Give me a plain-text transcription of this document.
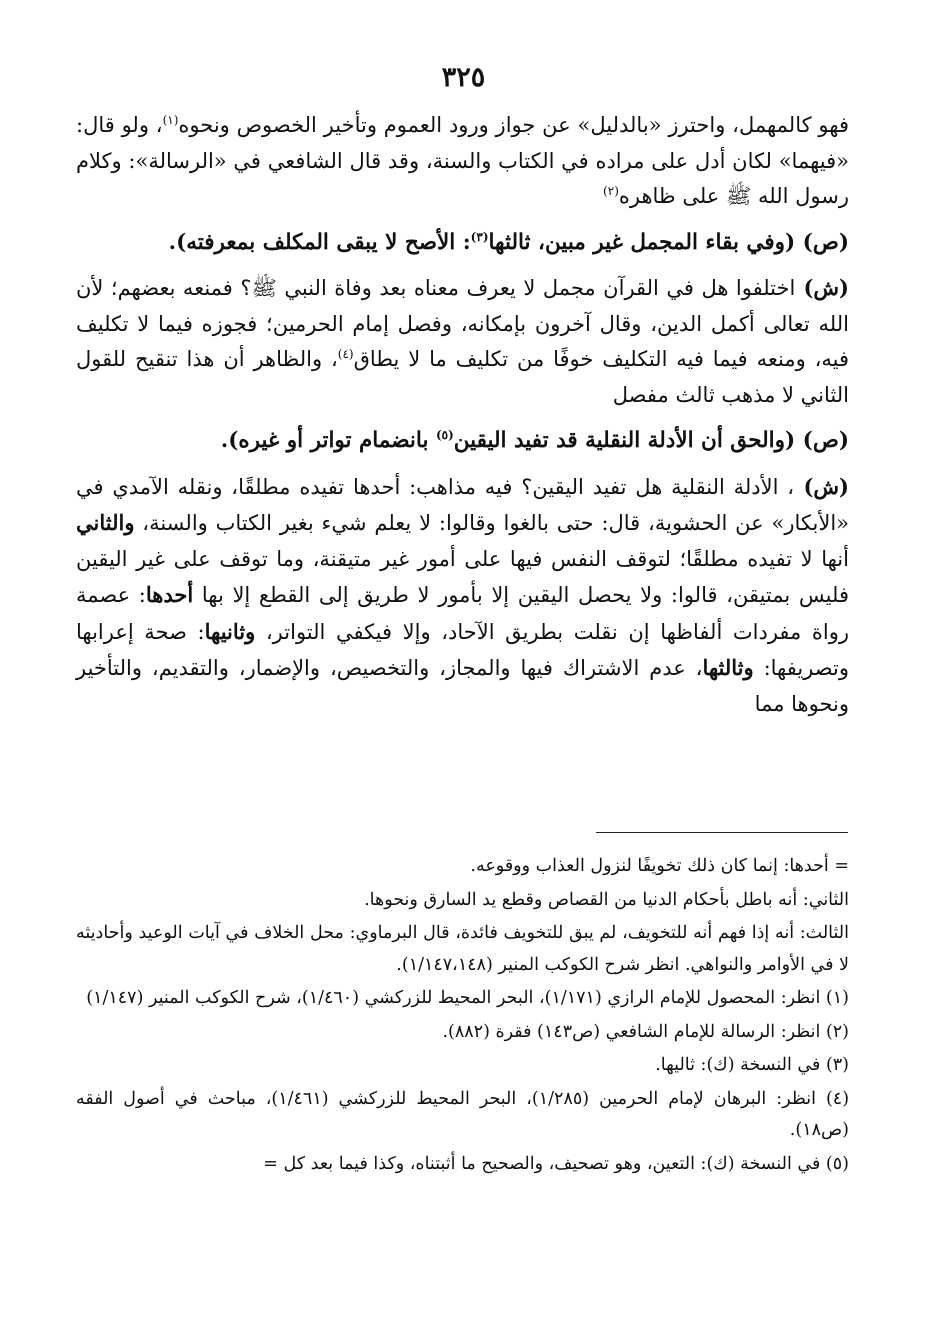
٣٢٥

فهو كالمهمل، واحترز «بالدليل» عن جواز ورود العموم وتأخير الخصوص ونحوه$^{(١)}$، ولو قال: «فيهما» لكان أدل على مراده في الكتاب والسنة، وقد قال الشافعي في «الرسالة»: وكلام رسول الله ﷺ على ظاهره$^{(٢)}$

(ص) (وفي بقاء المجمل غير مبين، ثالثها$^{(٣)}$: الأصح لا يبقى المكلف بمعرفته).

(ش) اختلفوا هل في القرآن مجمل لا يعرف معناه بعد وفاة النبي ﷺ؟ فمنعه بعضهم؛ لأن الله تعالى أكمل الدين، وقال آخرون بإمكانه، وفصل إمام الحرمين؛ فجوزه فيما لا تكليف فيه، ومنعه فيما فيه التكليف خوفًا من تكليف ما لا يطاق$^{(٤)}$، والظاهر أن هذا تنقيح للقول الثاني لا مذهب ثالث مفصل

(ص) (والحق أن الأدلة النقلية قد تفيد اليقين$^{(٥)}$ بانضمام تواتر أو غيره).

(ش) ، الأدلة النقلية هل تفيد اليقين؟ فيه مذاهب: أحدها تفيده مطلقًا، ونقله الآمدي في «الأبكار» عن الحشوية، قال: حتى بالغوا وقالوا: لا يعلم شيء بغير الكتاب والسنة، والثاني أنها لا تفيده مطلقًا؛ لتوقف النفس فيها على أمور غير متيقنة، وما توقف على غير اليقين فليس بمتيقن، قالوا: ولا يحصل اليقين إلا بأمور لا طريق إلى القطع إلا بها أحدها: عصمة رواة مفردات ألفاظها إن نقلت بطريق الآحاد، وإلا فيكفي التواتر، وثانيها: صحة إعرابها وتصريفها: وثالثها، عدم الاشتراك فيها والمجاز، والتخصيص، والإضمار، والتقديم، والتأخير ونحوها مما

= أحدها: إنما كان ذلك تخويفًا لنزول العذاب ووقوعه.

الثاني: أنه باطل بأحكام الدنيا من القصاص وقطع يد السارق ونحوها.

الثالث: أنه إذا فهم أنه للتخويف، لم يبق للتخويف فائدة، قال البرماوي: محل الخلاف في آيات الوعيد وأحاديثه لا في الأوامر والنواهي. انظر شرح الكوكب المنير (١/١٤٧،١٤٨).

(١) انظر: المحصول للإمام الرازي (١/١٧١)، البحر المحيط للزركشي (١/٤٦٠)، شرح الكوكب المنير (١/١٤٧)

(٢) انظر: الرسالة للإمام الشافعي (ص١٤٣) فقرة (٨٨٢).

(٣) في النسخة (ك): ثاليها.

(٤) انظر: البرهان لإمام الحرمين (١/٢٨٥)، البحر المحيط للزركشي (١/٤٦١)، مباحث في أصول الفقه (ص١٨).

(٥) في النسخة (ك): التعين، وهو تصحيف، والصحيح ما أثبتناه، وكذا فيما بعد كل =
